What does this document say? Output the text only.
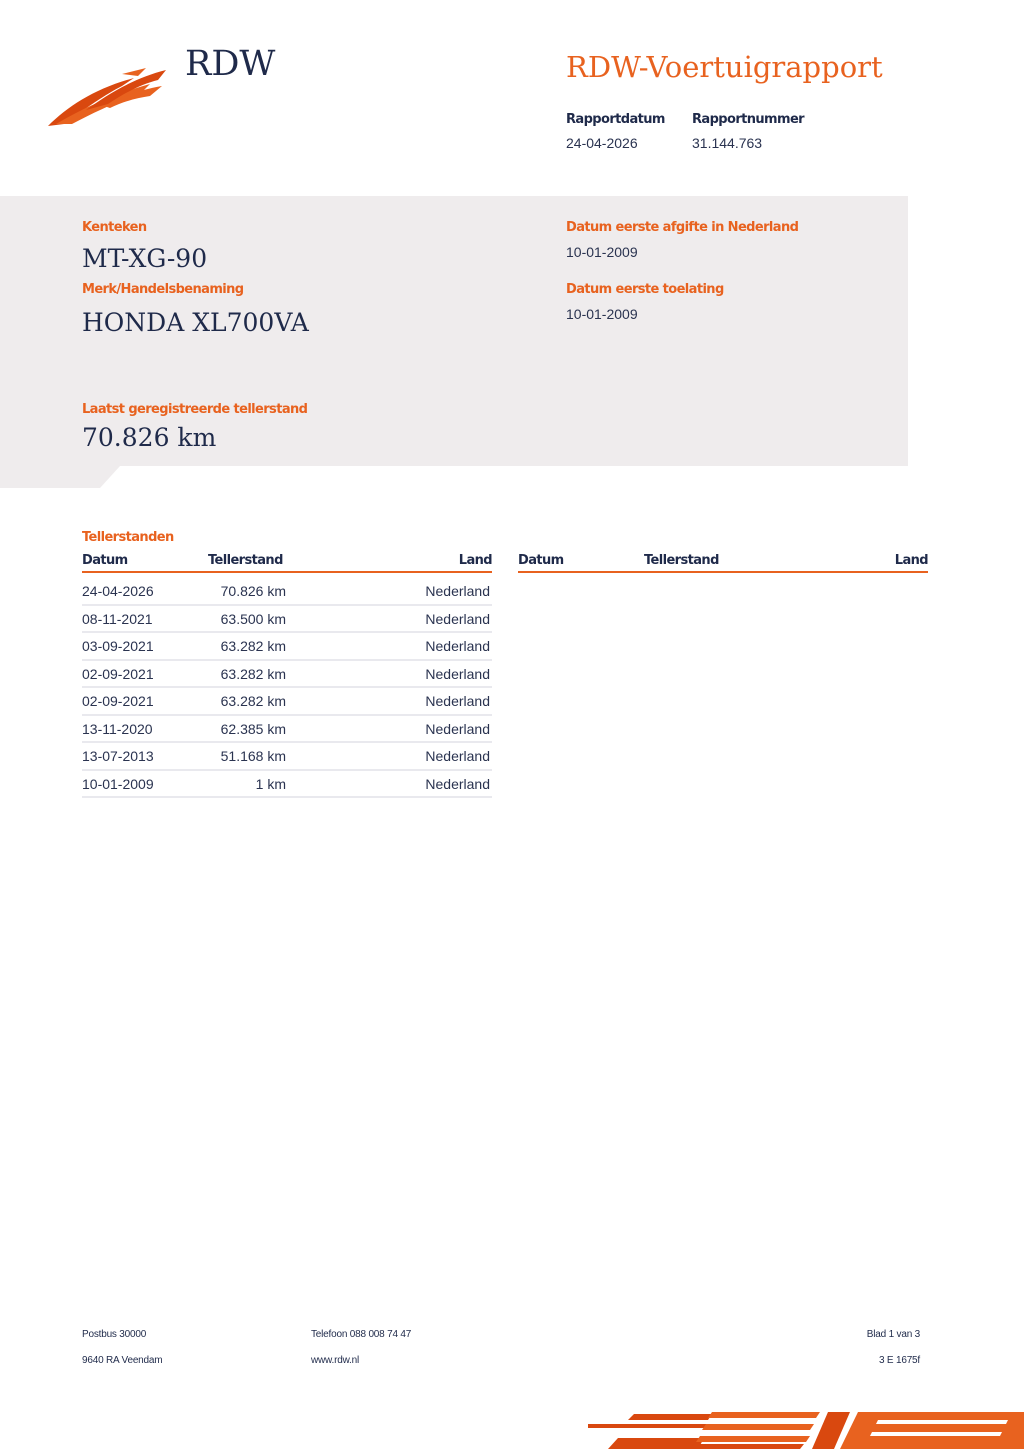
RDW	RDW-Voertuigrapport
Rapportdatum Rapportnummer
24-04-2026	31.144.763
Kenteken
MT-XG-90
Merk/Handelsbenaming
HONDA XL700VA
Datum eerste afgifte in Nederland
10-01-2009
Datum eerste toelating
10-01-2009
Laatst geregistreerde tellerstand
70.826 km
Tellerstanden
Datum	Tellerstand	Land Datum	Tellerstand	Land
24-04-2026	70.826 km	Nederland
08-11-2021	63.500 km	Nederland
03-09-2021	63.282 km	Nederland
02-09-2021	63.282 km	Nederland
02-09-2021	63.282 km	Nederland
13-11-2020	62.385 km	Nederland
13-07-2013	51.168 km	Nederland
10-01-2009	1 km	Nederland
Postbus 30000
9640 RA Veendam
Telefoon 088 008 74 47
www.rdw.nl
Blad 1 van 3
3 E 1675f
